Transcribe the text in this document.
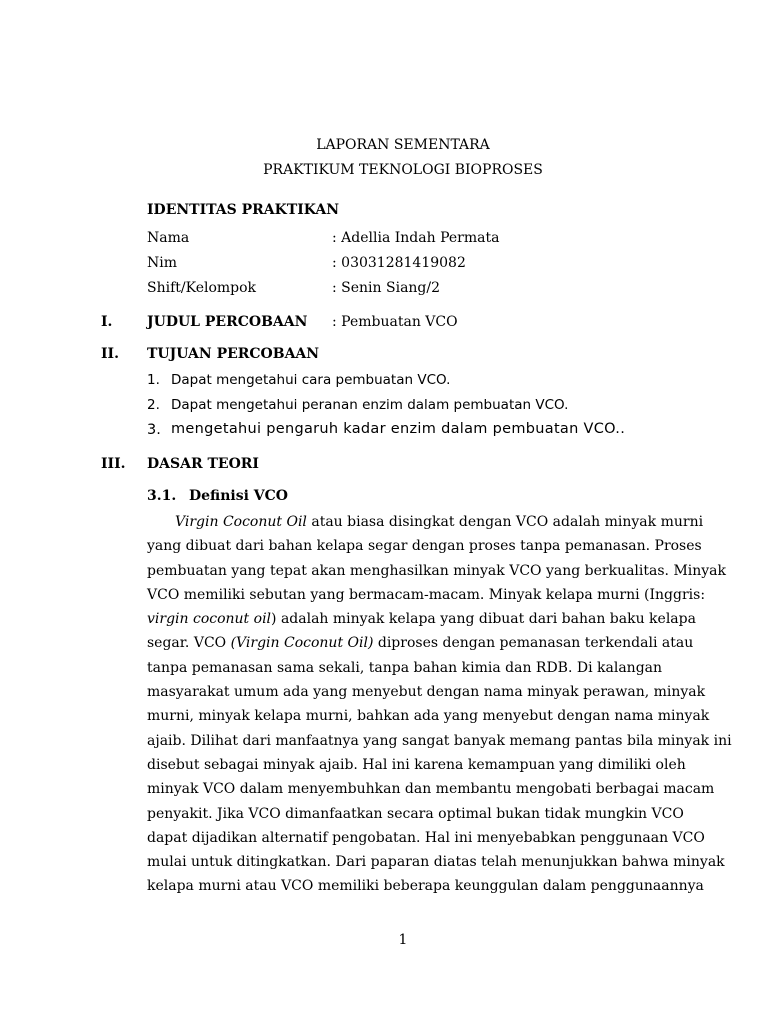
LAPORAN SEMENTARA
PRAKTIKUM TEKNOLOGI BIOPROSES
IDENTITAS PRAKTIKAN
Nama	: Adellia Indah Permata
Nim	: 03031281419082
Shift/Kelompok	: Senin Siang/2
I. JUDUL PERCOBAAN : Pembuatan VCO
II. TUJUAN PERCOBAAN
1. Dapat mengetahui cara pembuatan VCO.
2. Dapat mengetahui peranan enzim dalam pembuatan VCO.
3. mengetahui pengaruh kadar enzim dalam pembuatan VCO..
III. DASAR TEORI
3.1. Definisi VCO
Virgin Coconut Oil atau biasa disingkat dengan VCO adalah minyak murni
yang dibuat dari bahan kelapa segar dengan proses tanpa pemanasan. Proses
pembuatan yang tepat akan menghasilkan minyak VCO yang berkualitas. Minyak
VCO memiliki sebutan yang bermacam-macam. Minyak kelapa murni (Inggris:
virgin coconut oil) adalah minyak kelapa yang dibuat dari bahan baku kelapa
segar. VCO (Virgin Coconut Oil) diproses dengan pemanasan terkendali atau
tanpa pemanasan sama sekali, tanpa bahan kimia dan RDB. Di kalangan
masyarakat umum ada yang menyebut dengan nama minyak perawan, minyak
murni, minyak kelapa murni, bahkan ada yang menyebut dengan nama minyak
ajaib. Dilihat dari manfaatnya yang sangat banyak memang pantas bila minyak ini
disebut sebagai minyak ajaib. Hal ini karena kemampuan yang dimiliki oleh
minyak VCO dalam menyembuhkan dan membantu mengobati berbagai macam
penyakit. Jika VCO dimanfaatkan secara optimal bukan tidak mungkin VCO
dapat dijadikan alternatif pengobatan. Hal ini menyebabkan penggunaan VCO
mulai untuk ditingkatkan. Dari paparan diatas telah menunjukkan bahwa minyak
kelapa murni atau VCO memiliki beberapa keunggulan dalam penggunaannya
1
